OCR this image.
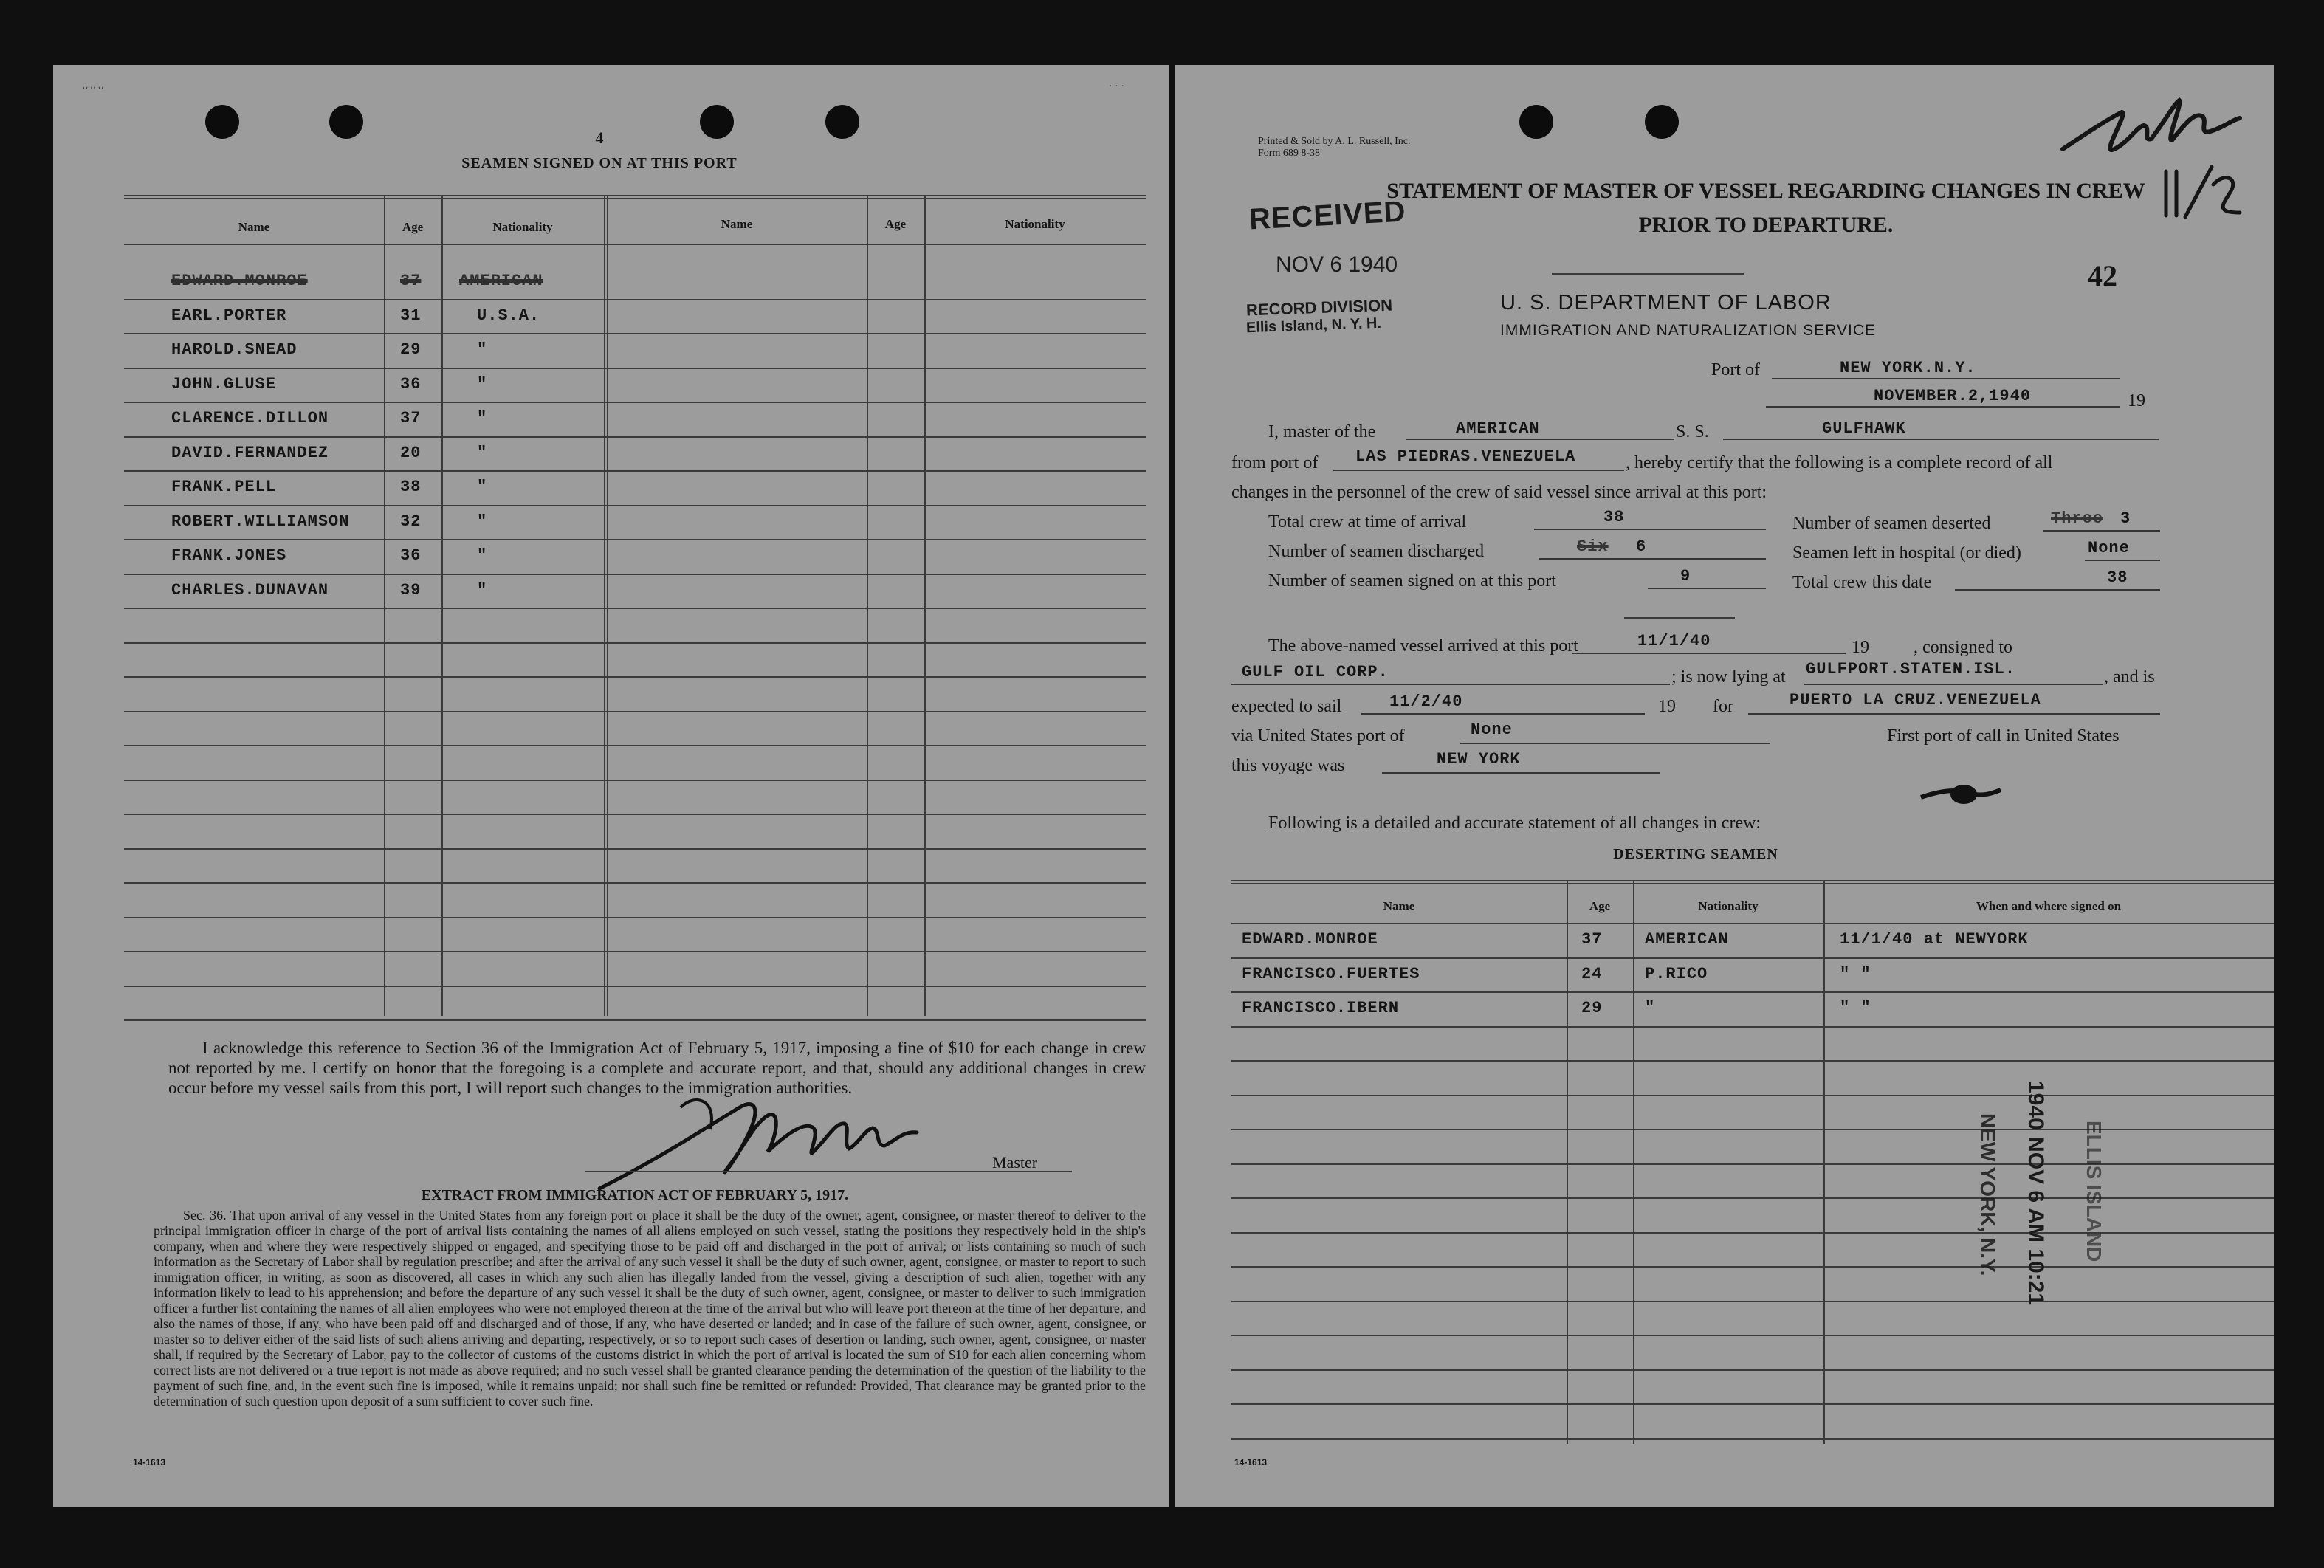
ᴗ ᴗ ᴗ	· · ·
4
SEAMEN SIGNED ON AT THIS PORT
Name	Age	Nationality	Name	Age	Nationality
EARL.PORTER	31	U.S.A.
HAROLD.SNEAD	29	"
JOHN.GLUSE	36	"
CLARENCE.DILLON	37	"
DAVID.FERNANDEZ	20	"
FRANK.PELL	38	"
ROBERT.WILLIAMSON	32	"
FRANK.JONES	36	"
CHARLES.DUNAVAN	39	"
EDWARD.MONROE	37 AMERICAN
I acknowledge this reference to Section 36 of the Immigration Act of February 5, 1917, imposing a fine of $10 for each change in crew not reported by me. I certify on honor that the foregoing is a complete and accurate report, and that, should any additional changes in crew occur before my vessel sails from this port, I will report such changes to the immigration authorities.
Master
EXTRACT FROM IMMIGRATION ACT OF FEBRUARY 5, 1917.
Sec. 36. That upon arrival of any vessel in the United States from any foreign port or place it shall be the duty of the owner, agent, consignee, or master thereof to deliver to the principal immigration officer in charge of the port of arrival lists containing the names of all aliens employed on such vessel, stating the positions they respectively hold in the ship's company, when and where they were respectively shipped or engaged, and specifying those to be paid off and discharged in the port of arrival; or lists containing so much of such information as the Secretary of Labor shall by regulation prescribe; and after the arrival of any such vessel it shall be the duty of such owner, agent, consignee, or master to report to such immigration officer, in writing, as soon as discovered, all cases in which any such alien has illegally landed from the vessel, giving a description of such alien, together with any information likely to lead to his apprehension; and before the departure of any such vessel it shall be the duty of such owner, agent, consignee, or master to deliver to such immigration officer a further list containing the names of all alien employees who were not employed thereon at the time of the arrival but who will leave port thereon at the time of her departure, and also the names of those, if any, who have been paid off and discharged and of those, if any, who have deserted or landed; and in case of the failure of such owner, agent, consignee, or master so to deliver either of the said lists of such aliens arriving and departing, respectively, or so to report such cases of desertion or landing, such owner, agent, consignee, or master shall, if required by the Secretary of Labor, pay to the collector of customs of the customs district in which the port of arrival is located the sum of $10 for each alien concerning whom correct lists are not delivered or a true report is not made as above required; and no such vessel shall be granted clearance pending the determination of the question of the liability to the payment of such fine, and, in the event such fine is imposed, while it remains unpaid; nor shall such fine be remitted or refunded: Provided, That clearance may be granted prior to the determination of such question upon deposit of a sum sufficient to cover such fine.
14-1613
Printed & Sold by A. L. Russell, Inc.
Form 689 8-38
STATEMENT OF MASTER OF VESSEL REGARDING CHANGES IN CREW
PRIOR TO DEPARTURE.
RECEIVED
NOV 6 1940
RECORD DIVISION
Ellis Island, N. Y. H.
42
U. S. DEPARTMENT OF LABOR
IMMIGRATION AND NATURALIZATION SERVICE
Port of	NEW YORK.N.Y.
NOVEMBER.2,1940	19
I, master of the	AMERICAN	S. S.	GULFHAWK
from port of LAS PIEDRAS.VENEZUELA	, hereby certify that the following is a complete record of all
changes in the personnel of the crew of said vessel since arrival at this port:
Total crew at time of arrival	38	Number of seamen deserted	Three 3
Number of seamen discharged	Six 6	Seamen left in hospital (or died)	None
Number of seamen signed on at this port	9	Total crew this date	38
The above-named vessel arrived at this port	11/1/40	19	, consigned to
GULF OIL CORP.	; is now lying at GULFPORT.STATEN.ISL.	, and is
expected to sail	11/2/40	19 for	PUERTO LA CRUZ.VENEZUELA
via United States port of	None	First port of call in United States
this voyage was	NEW YORK
Following is a detailed and accurate statement of all changes in crew:
DESERTING SEAMEN
Name	Age	Nationality	When and where signed on
EDWARD.MONROE	37	AMERICAN	11/1/40 at NEWYORK
FRANCISCO.FUERTES	24	P.RICO	" "
FRANCISCO.IBERN	29	"	" "
1940 NOV 6 AM 10:21
NEW YORK, N.Y.	ELLIS ISLAND
14-1613
